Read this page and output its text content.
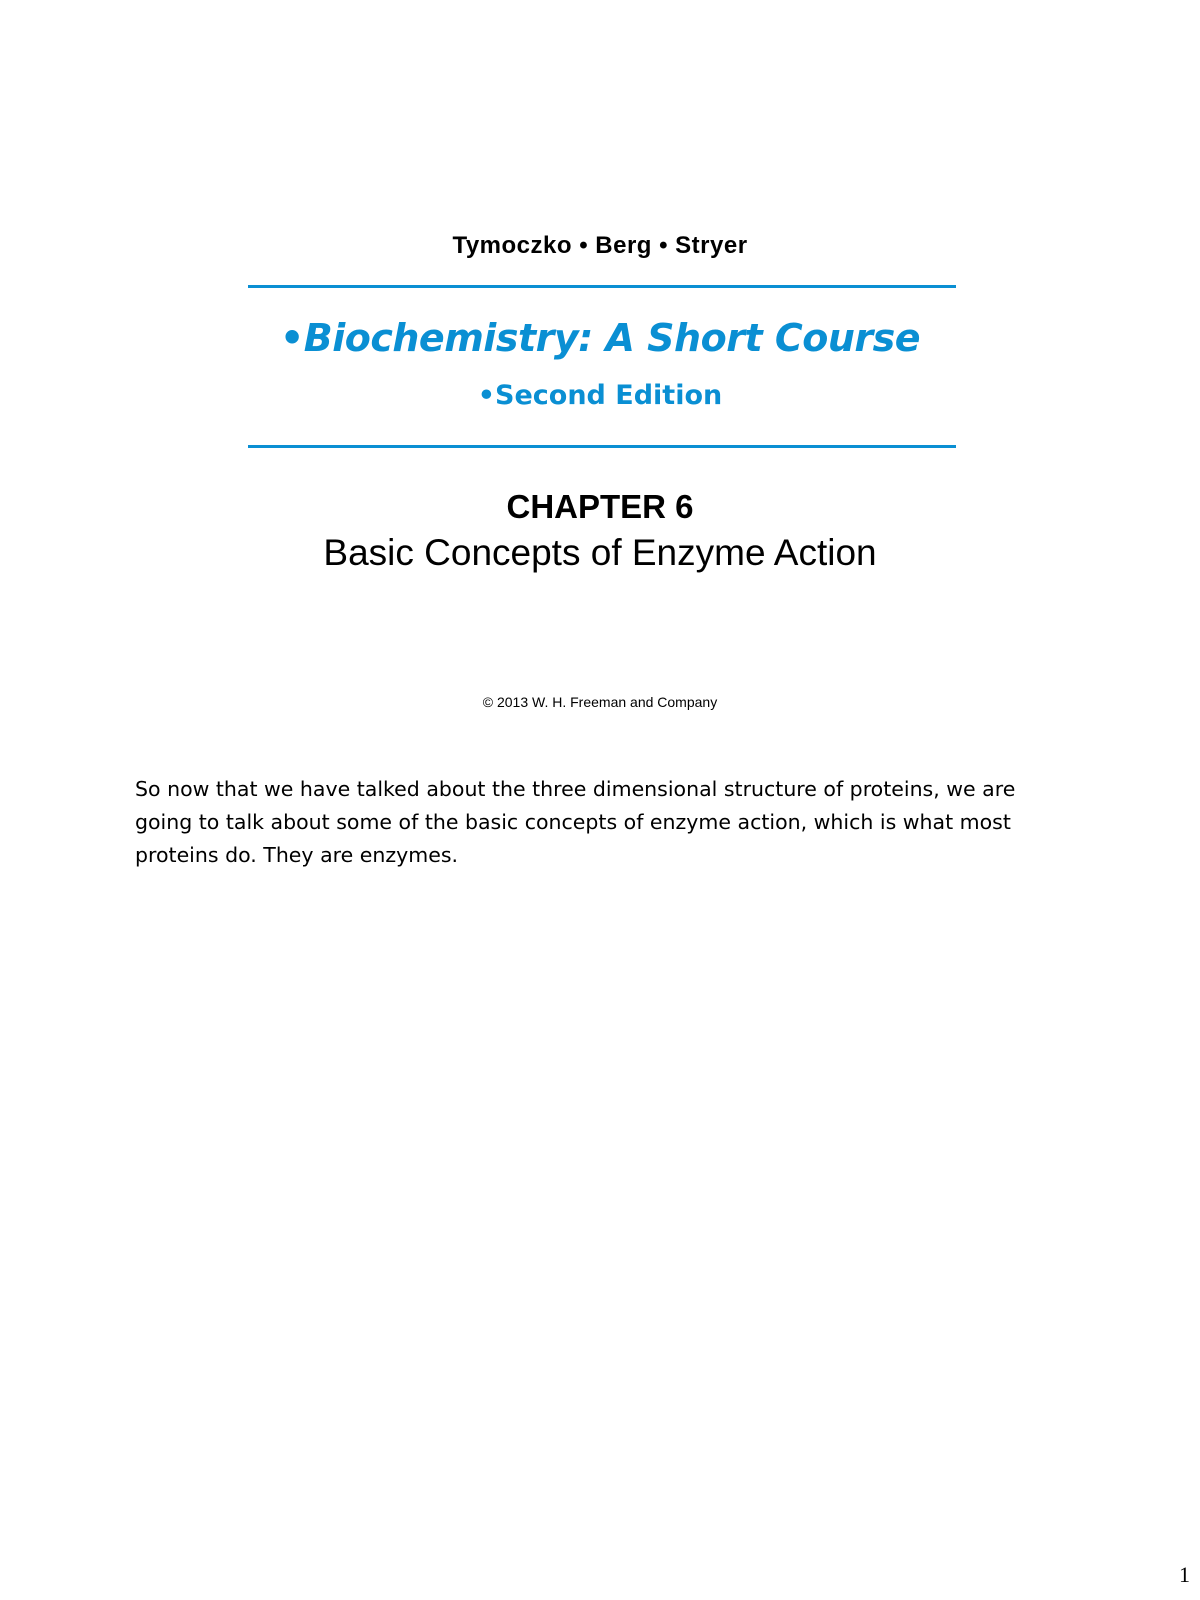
Tymoczko • Berg • Stryer
•Biochemistry: A Short Course
•Second Edition
CHAPTER 6
Basic Concepts of Enzyme Action
© 2013 W. H. Freeman and Company

So now that we have talked about the three dimensional structure of proteins, we are going to talk about some of the basic concepts of enzyme action, which is what most proteins do. They are enzymes.

1
